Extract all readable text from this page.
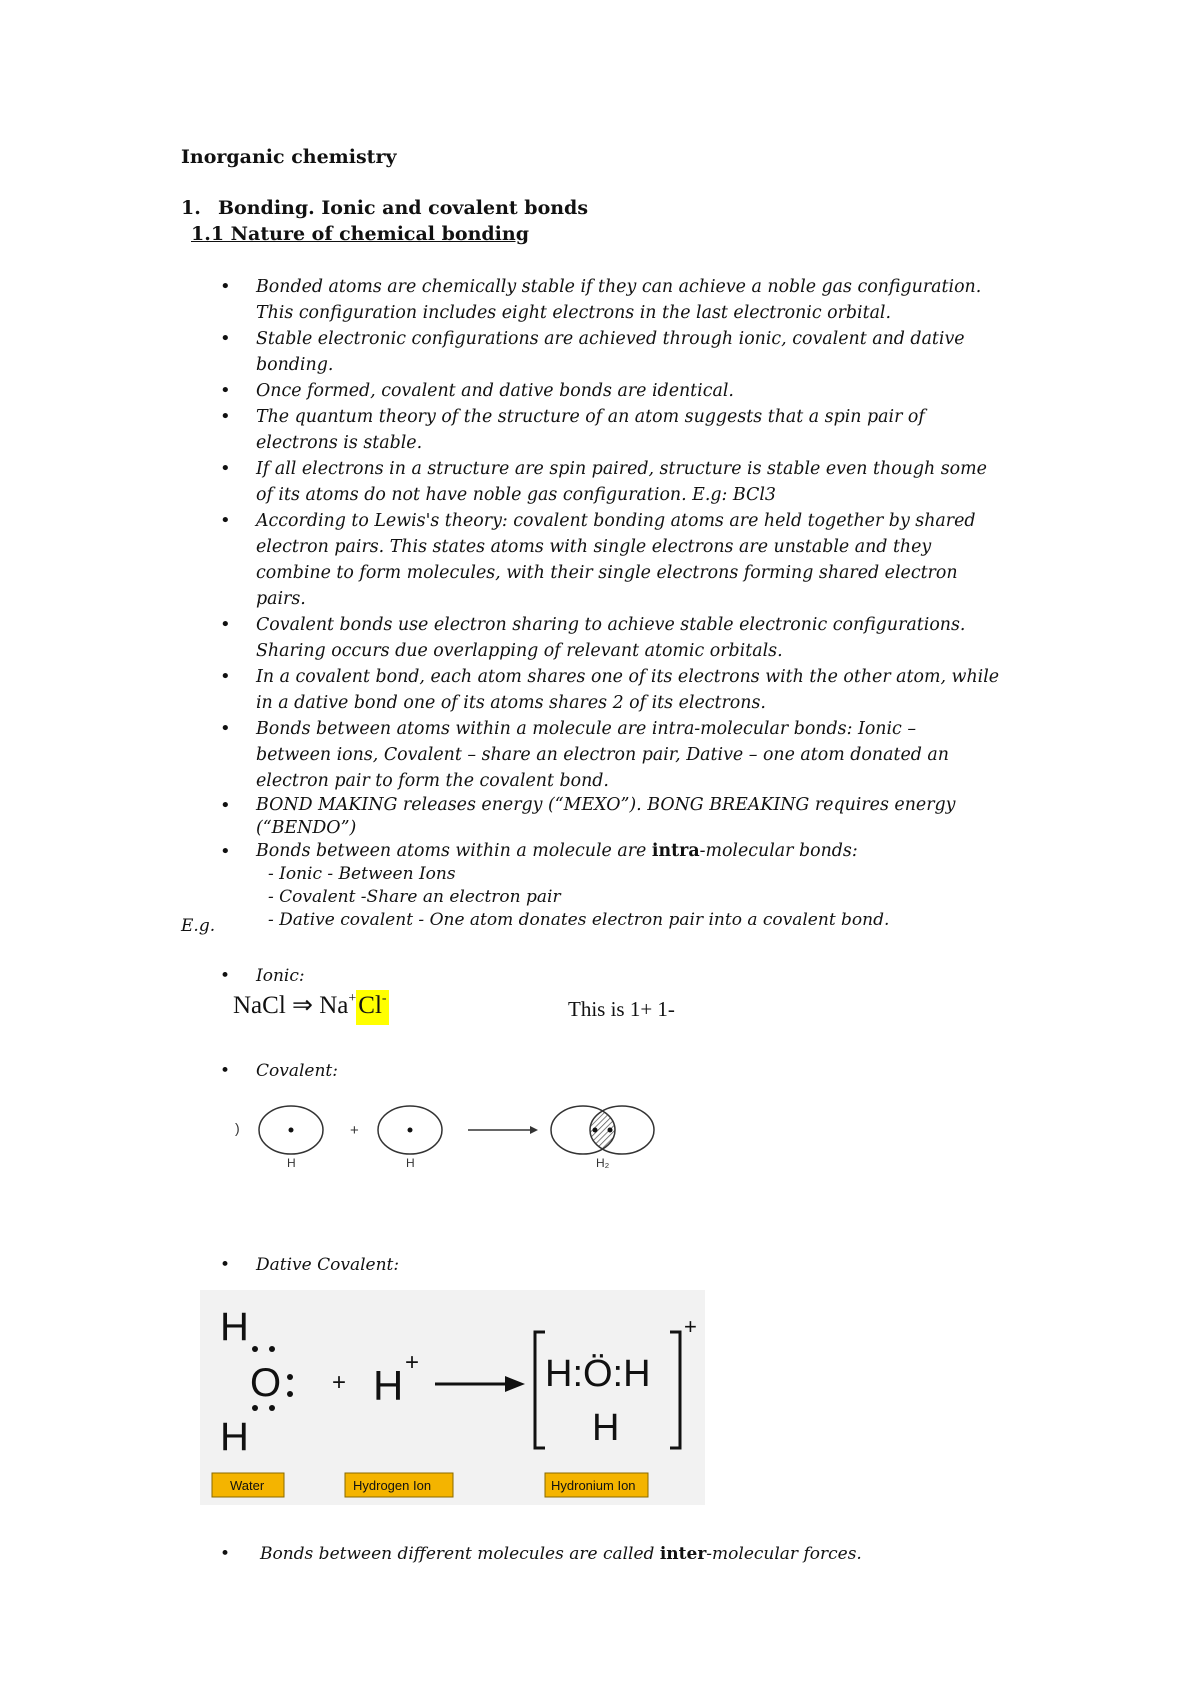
Inorganic chemistry
1. Bonding. Ionic and covalent bonds
1.1 Nature of chemical bonding
• Bonded atoms are chemically stable if they can achieve a noble gas configuration.
This configuration includes eight electrons in the last electronic orbital.
• Stable electronic configurations are achieved through ionic, covalent and dative
bonding.
• Once formed, covalent and dative bonds are identical.
• The quantum theory of the structure of an atom suggests that a spin pair of
electrons is stable.
• If all electrons in a structure are spin paired, structure is stable even though some
of its atoms do not have noble gas configuration. E.g: BCl3
• According to Lewis's theory: covalent bonding atoms are held together by shared
electron pairs. This states atoms with single electrons are unstable and they
combine to form molecules, with their single electrons forming shared electron
pairs.
• Covalent bonds use electron sharing to achieve stable electronic configurations.
Sharing occurs due overlapping of relevant atomic orbitals.
• In a covalent bond, each atom shares one of its electrons with the other atom, while
in a dative bond one of its atoms shares 2 of its electrons.
• Bonds between atoms within a molecule are intra-molecular bonds: Ionic –
between ions, Covalent – share an electron pair, Dative – one atom donated an
electron pair to form the covalent bond.
• BOND MAKING releases energy (“MEXO”). BONG BREAKING requires energy (“BENDO”)
• Bonds between atoms within a molecule are intra-molecular bonds:
- Ionic - Between Ions
- Covalent -Share an electron pair
- Dative covalent - One atom donates electron pair into a covalent bond.
E.g.
• Ionic:
NaCl ⇒ Na+Cl-	This is 1+ 1-
• Covalent:
)	+
H	H	H₂
• Dative Covalent:
H
O
H
+ H +	H:Ö:H
H
+
Water	Hydrogen Ion	Hydronium Ion
• Bonds between different molecules are called inter-molecular forces.
